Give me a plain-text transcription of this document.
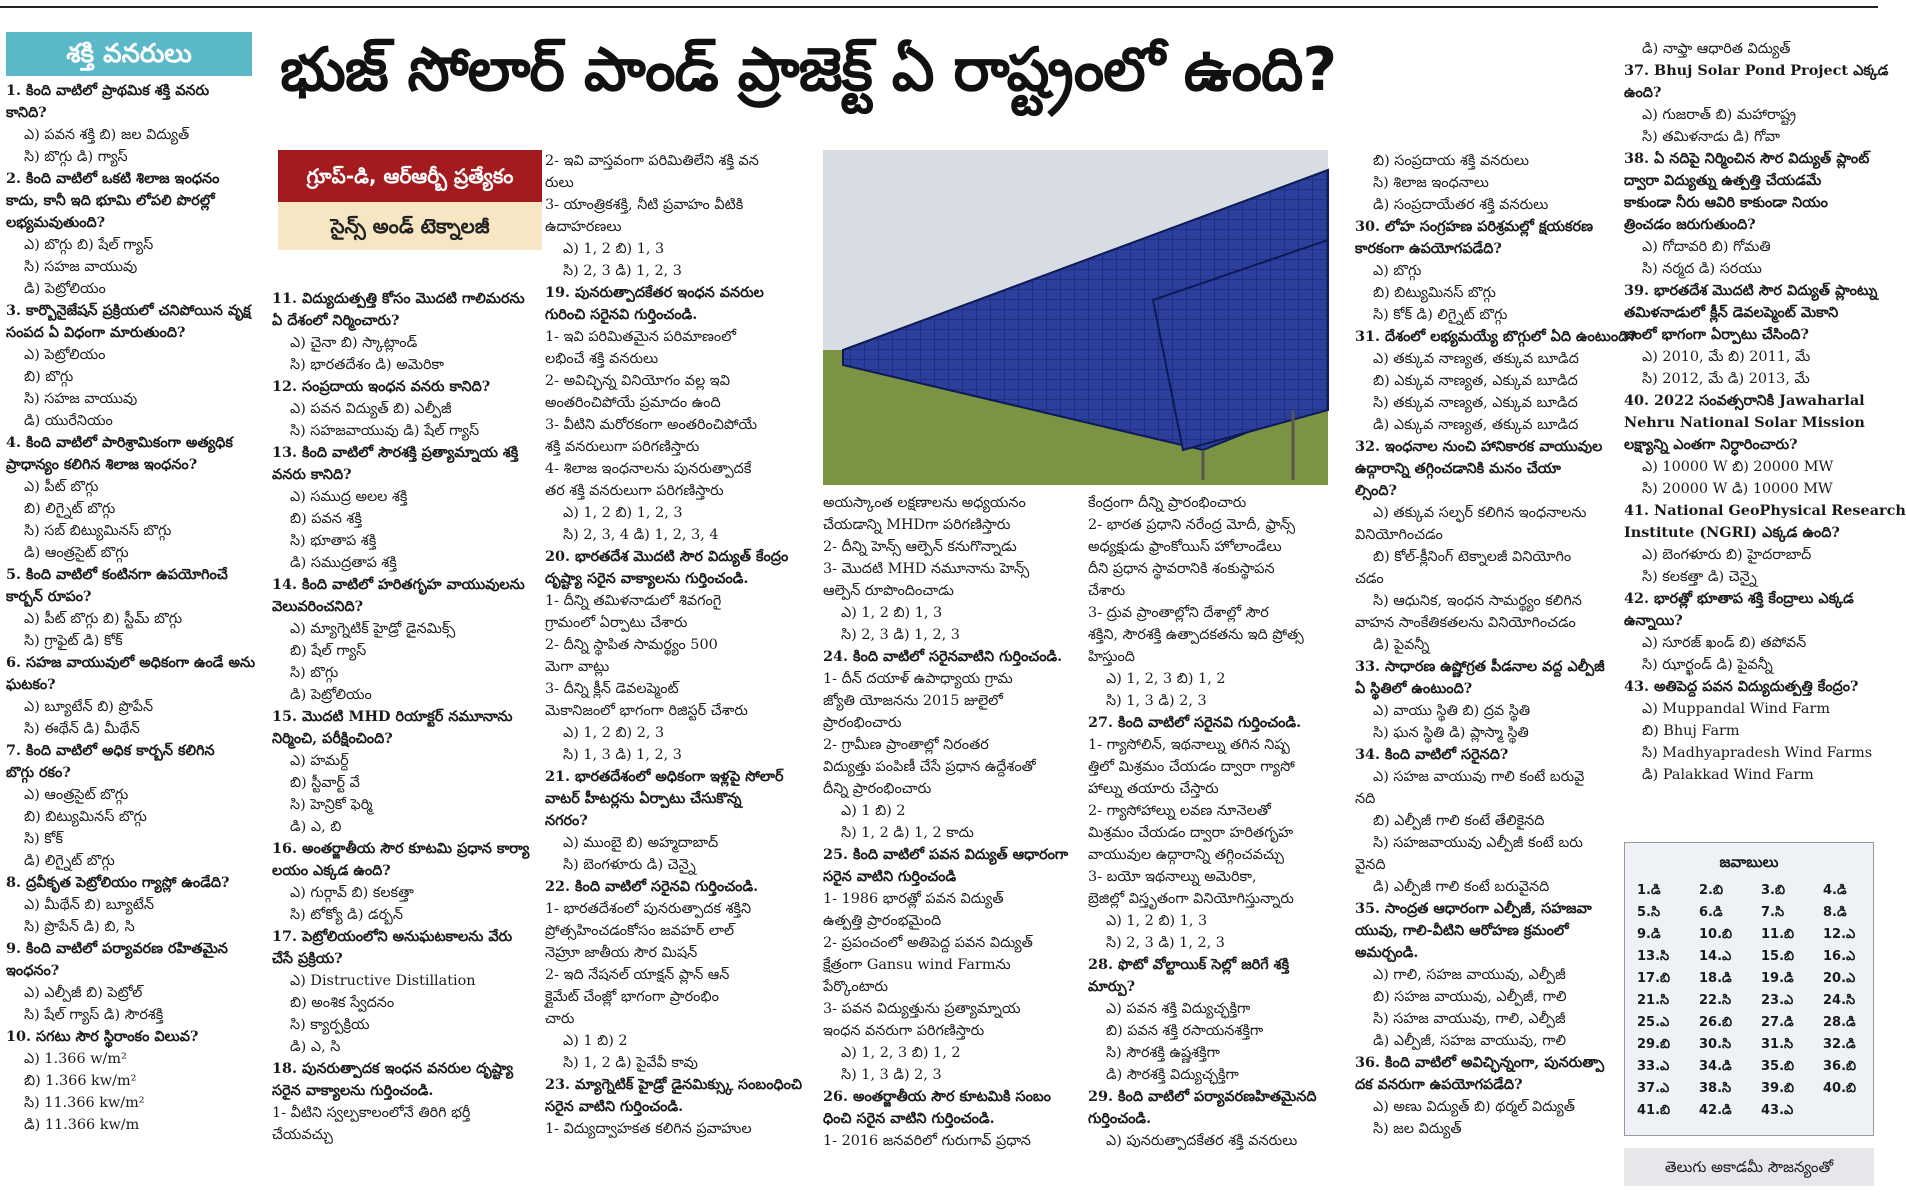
శక్తి వనరులు	భుజ్ సోలార్ పాండ్ ప్రాజెక్ట్ ఏ రాష్ట్రంలో ఉంది?
గ్రూప్-డి, ఆర్ఆర్బీ ప్రత్యేకం
సైన్స్ అండ్ టెక్నాలజీ

1. కింది వాటిలో ప్రాథమిక శక్తి వనరు

కానిది?

ఎ) పవన శక్తి బి) జల విద్యుత్

సి) బొగ్గు డి) గ్యాస్

2. కింది వాటిలో ఒకటి శిలాజ ఇంధనం

కాదు, కానీ ఇది భూమి లోపలి పొరల్లో

లభ్యమవుతుంది?

ఎ) బొగ్గు బి) షేల్ గ్యాస్

సి) సహజ వాయువు

డి) పెట్రోలియం

3. కార్బొనైజేషన్ ప్రక్రియలో చనిపోయిన వృక్ష

సంపద ఏ విధంగా మారుతుంది?

ఎ) పెట్రోలియం

బి) బొగ్గు

సి) సహజ వాయువు

డి) యురేనియం

4. కింది వాటిలో పారిశ్రామికంగా అత్యధిక

ప్రాధాన్యం కలిగిన శిలాజ ఇంధనం?

ఎ) పీట్ బొగ్గు

బి) లిగ్నైట్ బొగ్గు

సి) సబ్ బిట్యుమినస్ బొగ్గు

డి) ఆంత్రసైట్ బొగ్గు

5. కింది వాటిలో కంటినగా ఉపయోగించే

కార్బన్ రూపం?

ఎ) పీట్ బొగ్గు బి) స్టీమ్ బొగ్గు

సి) గ్రాఫైట్ డి) కోక్

6. సహజ వాయువులో అధికంగా ఉండే అను

ఘటకం?

ఎ) బ్యూటేన్ బి) ప్రొపేన్

సి) ఈథేన్ డి) మీథేన్

7. కింది వాటిలో అధిక కార్బన్ కలిగిన

బొగ్గు రకం?

ఎ) ఆంత్రసైట్ బొగ్గు

బి) బిట్యుమినస్ బొగ్గు

సి) కోక్

డి) లిగ్నైట్ బొగ్గు

8. ద్రవీకృత పెట్రోలియం గ్యాస్లో ఉండేది?

ఎ) మీథేన్ బి) బ్యూటేన్

సి) ప్రొపేన్ డి) బి, సి

9. కింది వాటిలో పర్యావరణ రహితమైన

ఇంధనం?

ఎ) ఎల్పీజీ బి) పెట్రోల్

సి) షేల్ గ్యాస్ డి) సౌరశక్తి

10. సగటు సౌర స్థిరాంకం విలువ?

ఎ) 1.366 w/m²

బి) 1.366 kw/m²

సి) 11.366 kw/m²

డి) 11.366 kw/m

11. విద్యుదుత్పత్తి కోసం మొదటి గాలిమరను

ఏ దేశంలో నిర్మించారు?

ఎ) చైనా బి) స్కాట్లాండ్

సి) భారతదేశం డి) అమెరికా

12. సంప్రదాయ ఇంధన వనరు కానిది?

ఎ) పవన విద్యుత్ బి) ఎల్పీజీ

సి) సహజవాయువు డి) షేల్ గ్యాస్

13. కింది వాటిలో సౌరశక్తి ప్రత్యామ్నాయ శక్తి

వనరు కానిది?

ఎ) సముద్ర అలల శక్తి

బి) పవన శక్తి

సి) భూతాప శక్తి

డి) సముద్రతాప శక్తి

14. కింది వాటిలో హరితగృహ వాయువులను

వెలువరించనిది?

ఎ) మ్యాగ్నెటిక్ హైడ్రో డైనమిక్స్

బి) షేల్ గ్యాస్

సి) బొగ్గు

డి) పెట్రోలియం

15. మొదటి MHD రియాక్టర్ నమూనాను

నిర్మించి, పరీక్షించింది?

ఎ) హమర్ద్

బి) స్టీవార్ట్ వే

సి) హెన్రికో ఫెర్మి

డి) ఎ, బి

16. అంతర్జాతీయ సౌర కూటమి ప్రధాన కార్యా

లయం ఎక్కడ ఉంది?

ఎ) గుర్గావ్ బి) కలకత్తా

సి) టోక్యో డి) డర్బన్

17. పెట్రోలియంలోని అనుఘటకాలను వేరు

చేసే ప్రక్రియ?

ఎ) Distructive Distillation

బి) అంశిక స్వేదనం

సి) క్యార్పక్రియ

డి) ఎ, సి

18. పునరుత్పాదక ఇంధన వనరుల దృష్ట్యా

సరైన వాక్యాలను గుర్తించండి.

1- వీటిని స్వల్పకాలంలోనే తిరిగి భర్తీ

చేయవచ్చు

2- ఇవి వాస్తవంగా పరిమితిలేని శక్తి వన

రులు

3- యాంత్రికశక్తి, నీటి ప్రవాహం వీటికి

ఉదాహరణలు

ఎ) 1, 2 బి) 1, 3

సి) 2, 3 డి) 1, 2, 3

19. పునరుత్పాదకేతర ఇంధన వనరుల

గురించి సరైనవి గుర్తించండి.

1- ఇవి పరిమితమైన పరిమాణంలో

లభించే శక్తి వనరులు

2- అవిచ్ఛిన్న వినియోగం వల్ల ఇవి

అంతరించిపోయే ప్రమాదం ఉంది

3- వీటిని మరోరకంగా అంతరించిపోయే

శక్తి వనరులుగా పరిగణిస్తారు

4- శిలాజ ఇంధనాలను పునరుత్పాదకే

తర శక్తి వనరులుగా పరిగణిస్తారు

ఎ) 1, 2 బి) 1, 2, 3

సి) 2, 3, 4 డి) 1, 2, 3, 4

20. భారతదేశ మొదటి సౌర విద్యుత్ కేంద్రం

దృష్ట్యా సరైన వాక్యాలను గుర్తించండి.

1- దీన్ని తమిళనాడులో శివగంగై

గ్రామంలో ఏర్పాటు చేశారు

2- దీన్ని స్థాపిత సామర్థ్యం 500

మెగా వాట్లు

3- దీన్ని క్లీన్ డెవలప్మెంట్

మెకానిజంలో భాగంగా రిజిస్టర్ చేశారు

ఎ) 1, 2 బి) 2, 3

సి) 1, 3 డి) 1, 2, 3

21. భారతదేశంలో అధికంగా ఇళ్లపై సోలార్

వాటర్ హీటర్లను ఏర్పాటు చేసుకొన్న

నగరం?

ఎ) ముంబై బి) అహ్మదాబాద్

సి) బెంగళూరు డి) చెన్నై

22. కింది వాటిలో సరైనవి గుర్తించండి.

1- భారతదేశంలో పునరుత్పాదక శక్తిని

ప్రోత్సహించడంకోసం జవహర్ లాల్

నెహ్రూ జాతీయ సౌర మిషన్

2- ఇది నేషనల్ యాక్షన్ ప్లాన్ ఆన్

క్లైమేట్ చేంజ్లో భాగంగా ప్రారంభిం

చారు

ఎ) 1 బి) 2

సి) 1, 2 డి) పైవేవీ కావు

23. మ్యాగ్నెటిక్ హైడ్రో డైనమిక్స్కు సంబంధించి

సరైన వాటిని గుర్తించండి.

1- విద్యుద్వాహకత కలిగిన ప్రవాహుల

అయస్కాంత లక్షణాలను అధ్యయనం

చేయడాన్ని MHDగా పరిగణిస్తారు

2- దీన్ని హెన్స్ ఆల్పెన్ కనుగొన్నాడు

3- మొదటి MHD నమూనాను హెన్స్

ఆల్పెన్ రూపొందించాడు

ఎ) 1, 2 బి) 1, 3

సి) 2, 3 డి) 1, 2, 3

24. కింది వాటిలో సరైనవాటిని గుర్తించండి.

1- దీన్ దయాళ్ ఉపాధ్యాయ గ్రామ

జ్యోతి యోజనను 2015 జులైలో

ప్రారంభించారు

2- గ్రామీణ ప్రాంతాల్లో నిరంతర

విద్యుత్తు పంపిణీ చేసే ప్రధాన ఉద్దేశంతో

దీన్ని ప్రారంభించారు

ఎ) 1 బి) 2

సి) 1, 2 డి) 1, 2 కాదు

25. కింది వాటిలో పవన విద్యుత్ ఆధారంగా

సరైన వాటిని గుర్తించండి

1- 1986 భారత్లో పవన విద్యుత్

ఉత్పత్తి ప్రారంభమైంది

2- ప్రపంచంలో అతిపెద్ద పవన విద్యుత్

క్షేత్రంగా Gansu wind Farmను

పేర్కొంటారు

3- పవన విద్యుత్తును ప్రత్యామ్నాయ

ఇంధన వనరుగా పరిగణిస్తారు

ఎ) 1, 2, 3 బి) 1, 2

సి) 1, 3 డి) 2, 3

26. అంతర్జాతీయ సౌర కూటమికి సంబం

ధించి సరైన వాటిని గుర్తించండి.

1- 2016 జనవరిలో గురుగావ్ ప్రధాన

కేంద్రంగా దీన్ని ప్రారంభించారు

2- భారత ప్రధాని నరేంద్ర మోదీ, ఫ్రాన్స్

అధ్యక్షుడు ఫ్రాంకోయిస్ హోలాండేలు

దీని ప్రధాన స్థావరానికి శంకుస్థాపన

చేశారు

3- ద్రువ ప్రాంతాల్లోని దేశాల్లో సౌర

శక్తిని, సౌరశక్తి ఉత్పాదకతను ఇది ప్రోత్స

హిస్తుంది

ఎ) 1, 2, 3 బి) 1, 2

సి) 1, 3 డి) 2, 3

27. కింది వాటిలో సరైనవి గుర్తించండి.

1- గ్యాసోలిన్, ఇథనాల్ను తగిన నిష్ప

త్తిలో మిశ్రమం చేయడం ద్వారా గ్యాసో

హాల్ను తయారు చేస్తారు

2- గ్యాసోహాల్ను లవణ నూనెలతో

మిశ్రమం చేయడం ద్వారా హరితగృహ

వాయువుల ఉద్గారాన్ని తగ్గించవచ్చు

3- బయో ఇథనాల్ను అమెరికా,

బ్రెజిల్లో విస్తృతంగా వినియోగిస్తున్నారు

ఎ) 1, 2 బి) 1, 3

సి) 2, 3 డి) 1, 2, 3

28. ఫొటో వోల్టాయిక్ సెల్లో జరిగే శక్తి

మార్పు?

ఎ) పవన శక్తి విద్యుచ్ఛక్తిగా

బి) పవన శక్తి రసాయనశక్తిగా

సి) సౌరశక్తి ఉష్ణశక్తిగా

డి) సౌరశక్తి విద్యుచ్ఛక్తిగా

29. కింది వాటిలో పర్యావరణహితమైనది

గుర్తించండి.

ఎ) పునరుత్పాదకేతర శక్తి వనరులు

బి) సంప్రదాయ శక్తి వనరులు

సి) శిలాజ ఇంధనాలు

డి) సంప్రదాయేతర శక్తి వనరులు

30. లోహ సంగ్రహణ పరిశ్రమల్లో క్షయకరణ

కారకంగా ఉపయోగపడేది?

ఎ) బొగ్గు

బి) బిట్యుమినస్ బొగ్గు

సి) కోక్ డి) లిగ్నైట్ బొగ్గు

31. దేశంలో లభ్యమయ్యే బొగ్గులో ఏది ఉంటుంది?

ఎ) తక్కువ నాణ్యత, తక్కువ బూడిద

బి) ఎక్కువ నాణ్యత, ఎక్కువ బూడిద

సి) తక్కువ నాణ్యత, ఎక్కువ బూడిద

డి) ఎక్కువ నాణ్యత, తక్కువ బూడిద

32. ఇంధనాల నుంచి హానికారక వాయువుల

ఉద్గారాన్ని తగ్గించడానికి మనం చేయా

ల్సింది?

ఎ) తక్కువ సల్ఫర్ కలిగిన ఇంధనాలను

వినియోగించడం

బి) కోల్-క్లీనింగ్ టెక్నాలజీ వినియోగిం

చడం

సి) ఆధునిక, ఇంధన సామర్థ్యం కలిగిన

వాహన సాంకేతికతలను వినియోగించడం

డి) పైవన్నీ

33. సాధారణ ఉష్ణోగ్రత పీడనాల వద్ద ఎల్పీజీ

ఏ స్థితిలో ఉంటుంది?

ఎ) వాయు స్థితి బి) ద్రవ స్థితి

సి) ఘన స్థితి డి) ప్లాస్మా స్థితి

34. కింది వాటిలో సరైనది?

ఎ) సహజ వాయువు గాలి కంటే బరువై

నది

బి) ఎల్పీజీ గాలి కంటే తేలికైనది

సి) సహజవాయువు ఎల్పీజీ కంటే బరు

వైనది

డి) ఎల్పీజీ గాలి కంటే బరువైనది

35. సాంద్రత ఆధారంగా ఎల్పీజీ, సహజవా

యువు, గాలి-వీటిని ఆరోహణ క్రమంలో

అమర్చండి.

ఎ) గాలి, సహజ వాయువు, ఎల్పీజీ

బి) సహజ వాయువు, ఎల్పీజీ, గాలి

సి) సహజ వాయువు, గాలి, ఎల్పీజీ

డి) ఎల్పీజీ, సహజ వాయువు, గాలి

36. కింది వాటిలో అవిచ్ఛిన్నంగా, పునరుత్పా

దక వనరుగా ఉపయోగపడేది?

ఎ) అణు విద్యుత్ బి) థర్మల్ విద్యుత్

సి) జల విద్యుత్

డి) నాఫ్తా ఆధారిత విద్యుత్

37. Bhuj Solar Pond Project ఎక్కడ

ఉంది?

ఎ) గుజరాత్ బి) మహారాష్ట్ర

సి) తమిళనాడు డి) గోవా

38. ఏ నదిపై నిర్మించిన సౌర విద్యుత్ ప్లాంట్

ద్వారా విద్యుత్ను ఉత్పత్తి చేయడమే

కాకుండా నీరు ఆవిరి కాకుండా నియం

త్రించడం జరుగుతుంది?

ఎ) గోదావరి బి) గోమతి

సి) నర్మద డి) సరయు

39. భారతదేశ మొదటి సౌర విద్యుత్ ప్లాంట్ను

తమిళనాడులో క్లీన్ డెవలప్మెంట్ మెకాని

జంలో భాగంగా ఏర్పాటు చేసింది?

ఎ) 2010, మే బి) 2011, మే

సి) 2012, మే డి) 2013, మే

40. 2022 సంవత్సరానికి Jawaharlal

Nehru National Solar Mission

లక్ష్యాన్ని ఎంతగా నిర్ధారించారు?

ఎ) 10000 W బి) 20000 MW

సి) 20000 W డి) 10000 MW

41. National GeoPhysical Research

Institute (NGRI) ఎక్కడ ఉంది?

ఎ) బెంగళూరు బి) హైదరాబాద్

సి) కలకత్తా డి) చెన్నై

42. భారత్లో భూతాప శక్తి కేంద్రాలు ఎక్కడ

ఉన్నాయి?

ఎ) సూరజ్ ఖండ్ బి) తపోవన్

సి) ఝార్ఖండ్ డి) పైవన్నీ

43. అతిపెద్ద పవన విద్యుదుత్పత్తి కేంద్రం?

ఎ) Muppandal Wind Farm

బి) Bhuj Farm

సి) Madhyapradesh Wind Farms

డి) Palakkad Wind Farm

జవాబులు
1.డి	2.బి	3.బి	4.డి
5.సి	6.డి	7.సి	8.డి
9.డి	10.బి	11.బి	12.ఎ
13.సి	14.ఎ	15.బి	16.ఎ
17.బి	18.డి	19.డి	20.ఎ
21.సి	22.సి	23.ఎ	24.సి
25.ఎ	26.బి	27.డి	28.డి
29.బి	30.సి	31.సి	32.డి
33.ఎ	34.డి	35.బి	36.బి
37.ఎ	38.సి	39.బి	40.బి
41.బి	42.డి	43.ఎ	
తెలుగు అకాడమీ సౌజన్యంతో
